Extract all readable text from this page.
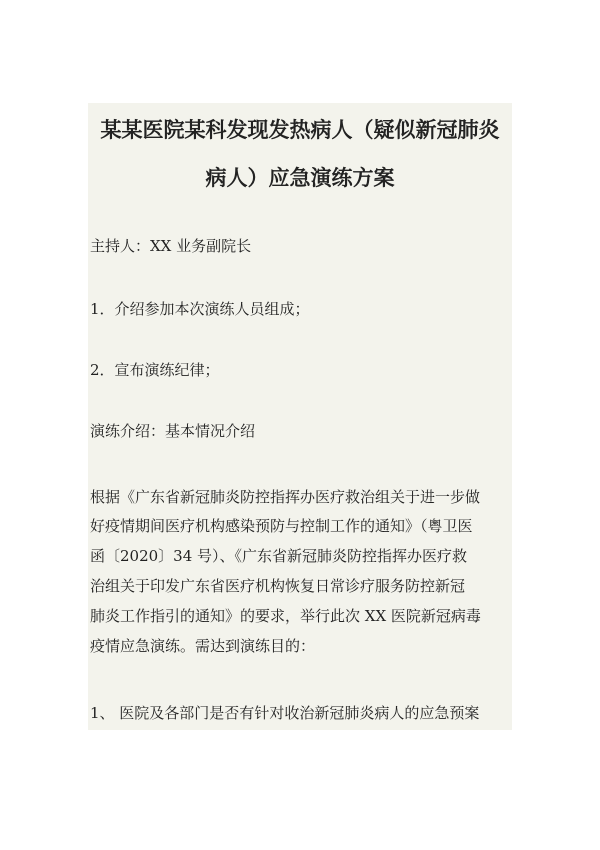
某某医院某科发现发热病人（疑似新冠肺炎
病人）应急演练方案

主持人：XX 业务副院长

1．介绍参加本次演练人员组成；

2．宣布演练纪律；

演练介绍：基本情况介绍

根据《广东省新冠肺炎防控指挥办医疗救治组关于进一步做

好疫情期间医疗机构感染预防与控制工作的通知》（粤卫医

函〔2020〕34 号）、《广东省新冠肺炎防控指挥办医疗救

治组关于印发广东省医疗机构恢复日常诊疗服务防控新冠

肺炎工作指引的通知》的要求，举行此次 XX 医院新冠病毒

疫情应急演练。需达到演练目的：

1、 医院及各部门是否有针对收治新冠肺炎病人的应急预案
